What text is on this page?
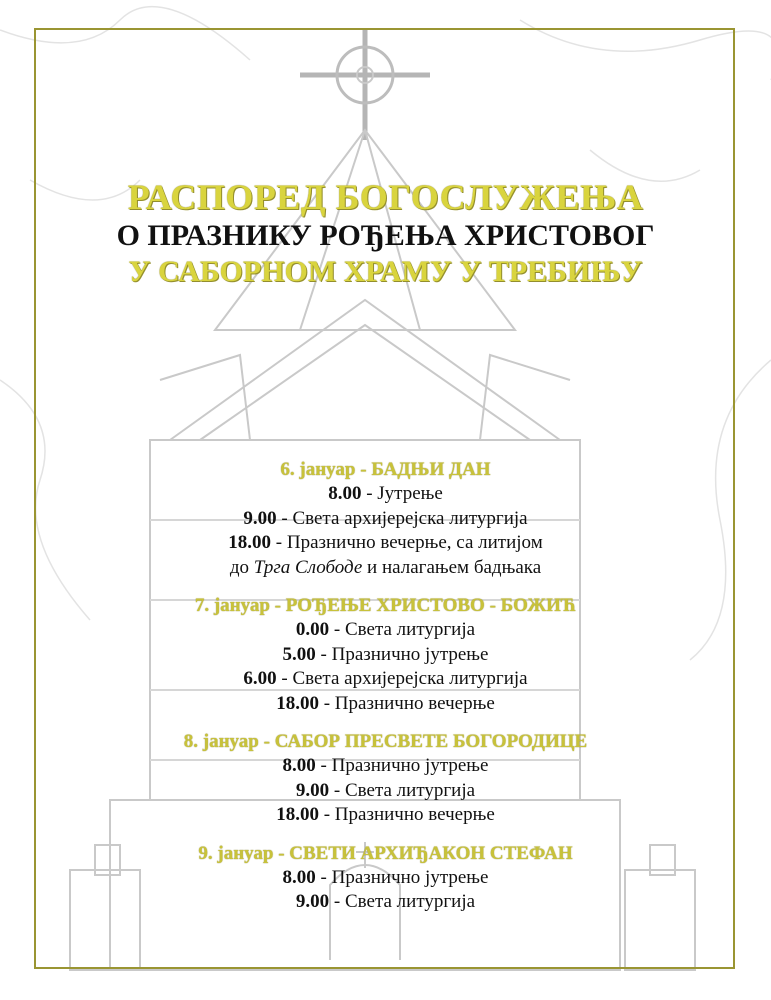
РАСПОРЕД БОГОСЛУЖЕЊА
О ПРАЗНИКУ РОЂЕЊА ХРИСТОВОГ
У САБОРНОМ ХРАМУ У ТРЕБИЊУ
6. јануар - БАДЊИ ДАН
8.00 - Јутрење
9.00 - Света архијерејска литургија
18.00 - Празнично вечерње, са литијом
до Трга Слободе и налагањем бадњака
7. јануар - РОЂЕЊЕ ХРИСТОВО - БОЖИЋ
0.00 - Света литургија
5.00 - Празнично јутрење
6.00 - Света архијерејска литургија
18.00 - Празнично вечерње
8. јануар - САБОР ПРЕСВЕТЕ БОГОРОДИЦЕ
8.00 - Празнично јутрење
9.00 - Света литургија
18.00 - Празнично вечерње
9. јануар - СВЕТИ АРХИЂАКОН СТЕФАН
8.00 - Празнично јутрење
9.00 - Света литургија
